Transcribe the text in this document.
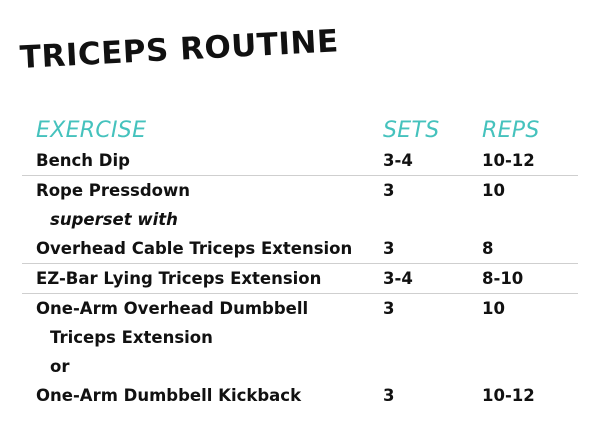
TRICEPS ROUTINE
EXERCISE	SETS REPS
Bench Dip	3-4	10-12
Rope Pressdown	3	10
superset with
Overhead Cable Triceps Extension 3	8
EZ-Bar Lying Triceps Extension	3-4	8-10
One-Arm Overhead Dumbbell	3	10
Triceps Extension
or
One-Arm Dumbbell Kickback	3	10-12
